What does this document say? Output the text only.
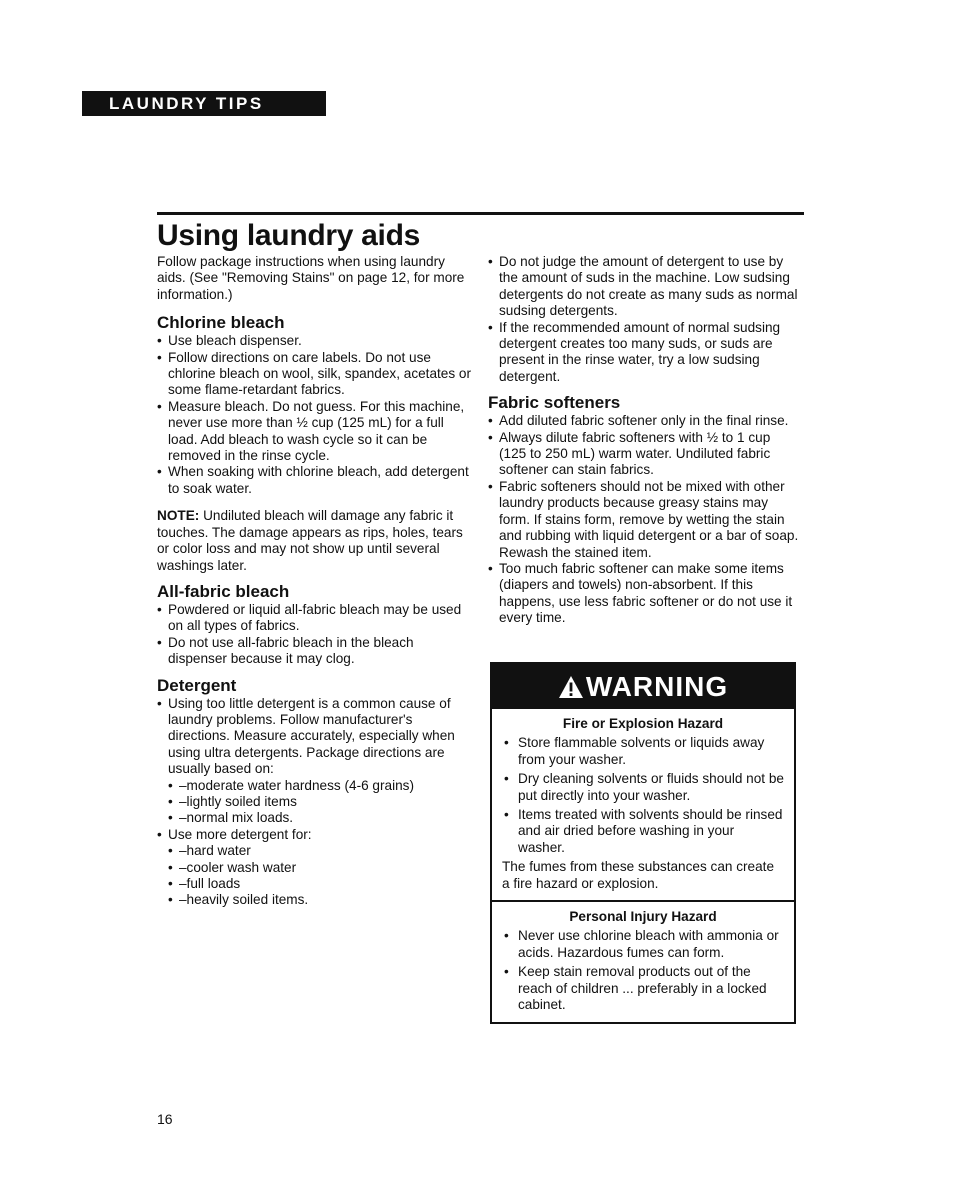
LAUNDRY TIPS
Using laundry aids

Follow package instructions when using laundry aids. (See "Removing Stains" on page 12, for more information.)

Chlorine bleach
• Use bleach dispenser.
• Follow directions on care labels. Do not use chlorine bleach on wool, silk, spandex, acetates or some flame-retardant fabrics.
• Measure bleach. Do not guess. For this machine, never use more than ½ cup (125 mL) for a full load. Add bleach to wash cycle so it can be removed in the rinse cycle.
• When soaking with chlorine bleach, add detergent to soak water.

NOTE: Undiluted bleach will damage any fabric it touches. The damage appears as rips, holes, tears or color loss and may not show up until several washings later.

All-fabric bleach
• Powdered or liquid all-fabric bleach may be used on all types of fabrics.
• Do not use all-fabric bleach in the bleach dispenser because it may clog.
Detergent
• Using too little detergent is a common cause of laundry problems. Follow manufacturer's directions. Measure accurately, especially when using ultra detergents. Package directions are usually based on:
• –moderate water hardness (4-6 grains)
• –lightly soiled items
• –normal mix loads.
• Use more detergent for:
• –hard water
• –cooler wash water
• –full loads
• –heavily soiled items.
• Do not judge the amount of detergent to use by the amount of suds in the machine. Low sudsing detergents do not create as many suds as normal sudsing detergents.
• If the recommended amount of normal sudsing detergent creates too many suds, or suds are present in the rinse water, try a low sudsing detergent.
Fabric softeners
• Add diluted fabric softener only in the final rinse.
• Always dilute fabric softeners with ½ to 1 cup (125 to 250 mL) warm water. Undiluted fabric softener can stain fabrics.
• Fabric softeners should not be mixed with other laundry products because greasy stains may form. If stains form, remove by wetting the stain and rubbing with liquid detergent or a bar of soap. Rewash the stained item.
• Too much fabric softener can make some items (diapers and towels) non-absorbent. If this happens, use less fabric softener or do not use it every time.
WARNING

Fire or Explosion Hazard

• Store flammable solvents or liquids away from your washer.
• Dry cleaning solvents or fluids should not be put directly into your washer.
• Items treated with solvents should be rinsed and air dried before washing in your washer.

The fumes from these substances can create a fire hazard or explosion.

Personal Injury Hazard

• Never use chlorine bleach with ammonia or acids. Hazardous fumes can form.
• Keep stain removal products out of the reach of children ... preferably in a locked cabinet.
16
